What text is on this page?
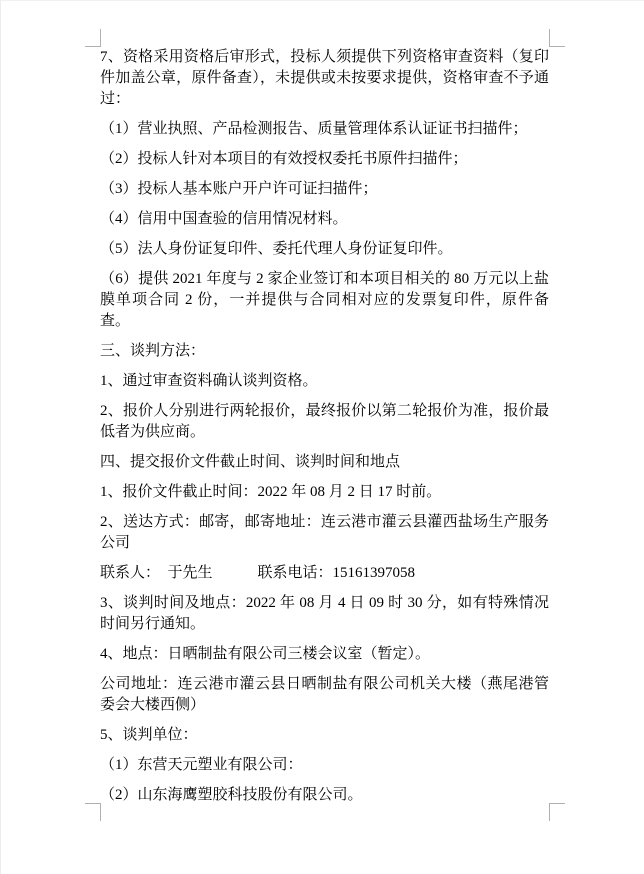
7、资格采用资格后审形式，投标人须提供下列资格审查资料（复印件加盖公章，原件备查），未提供或未按要求提供，资格审查不予通过：

（1）营业执照、产品检测报告、质量管理体系认证证书扫描件；

（2）投标人针对本项目的有效授权委托书原件扫描件；

（3）投标人基本账户开户许可证扫描件；

（4）信用中国查验的信用情况材料。

（5）法人身份证复印件、委托代理人身份证复印件。

（6）提供 2021 年度与 2 家企业签订和本项目相关的 80 万元以上盐膜单项合同 2 份，一并提供与合同相对应的发票复印件，原件备查。

三、谈判方法：

1、通过审查资料确认谈判资格。

2、报价人分别进行两轮报价，最终报价以第二轮报价为准，报价最低者为供应商。

四、提交报价文件截止时间、谈判时间和地点

1、报价文件截止时间：2022 年 08 月 2 日 17 时前。

2、送达方式：邮寄，邮寄地址：连云港市灌云县灌西盐场生产服务公司

联系人：　于先生　　　联系电话：15161397058

3、谈判时间及地点：2022 年 08 月 4 日 09 时 30 分，如有特殊情况时间另行通知。

4、地点：日晒制盐有限公司三楼会议室（暂定）。

公司地址：连云港市灌云县日晒制盐有限公司机关大楼（燕尾港管委会大楼西侧）

5、谈判单位：

（1）东营天元塑业有限公司：

（2）山东海鹰塑胶科技股份有限公司。
